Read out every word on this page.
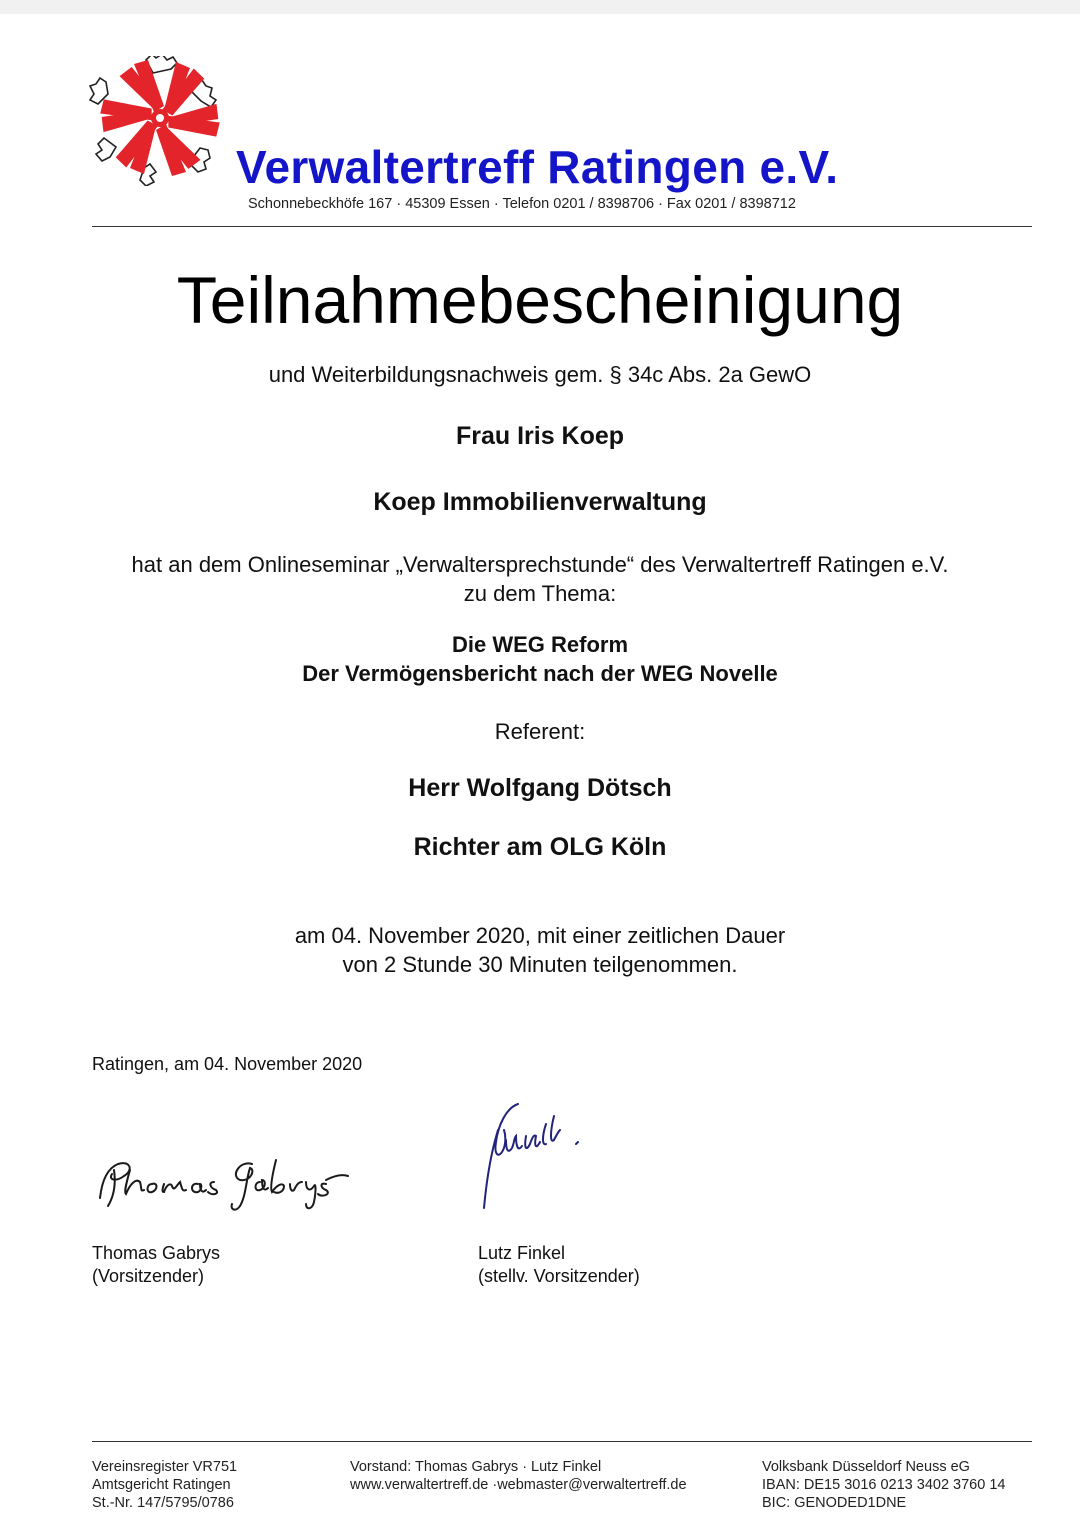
Verwaltertreff Ratingen e.V.
Schonnebeckhöfe 167 · 45309 Essen · Telefon 0201 / 8398706 · Fax 0201 / 8398712
Teilnahmebescheinigung
und Weiterbildungsnachweis gem. § 34c Abs. 2a GewO
Frau Iris Koep
Koep Immobilienverwaltung
hat an dem Onlineseminar „Verwaltersprechstunde“ des Verwaltertreff Ratingen e.V.
zu dem Thema:
Die WEG Reform
Der Vermögensbericht nach der WEG Novelle
Referent:
Herr Wolfgang Dötsch
Richter am OLG Köln
am 04. November 2020, mit einer zeitlichen Dauer
von 2 Stunde 30 Minuten teilgenommen.
Ratingen, am 04. November 2020
Thomas Gabrys
(Vorsitzender)
Lutz Finkel
(stellv. Vorsitzender)
Vereinsregister VR751
Amtsgericht Ratingen
St.-Nr. 147/5795/0786
Vorstand: Thomas Gabrys · Lutz Finkel
www.verwaltertreff.de ·webmaster@verwaltertreff.de
Volksbank Düsseldorf Neuss eG
IBAN: DE15 3016 0213 3402 3760 14
BIC: GENODED1DNE
